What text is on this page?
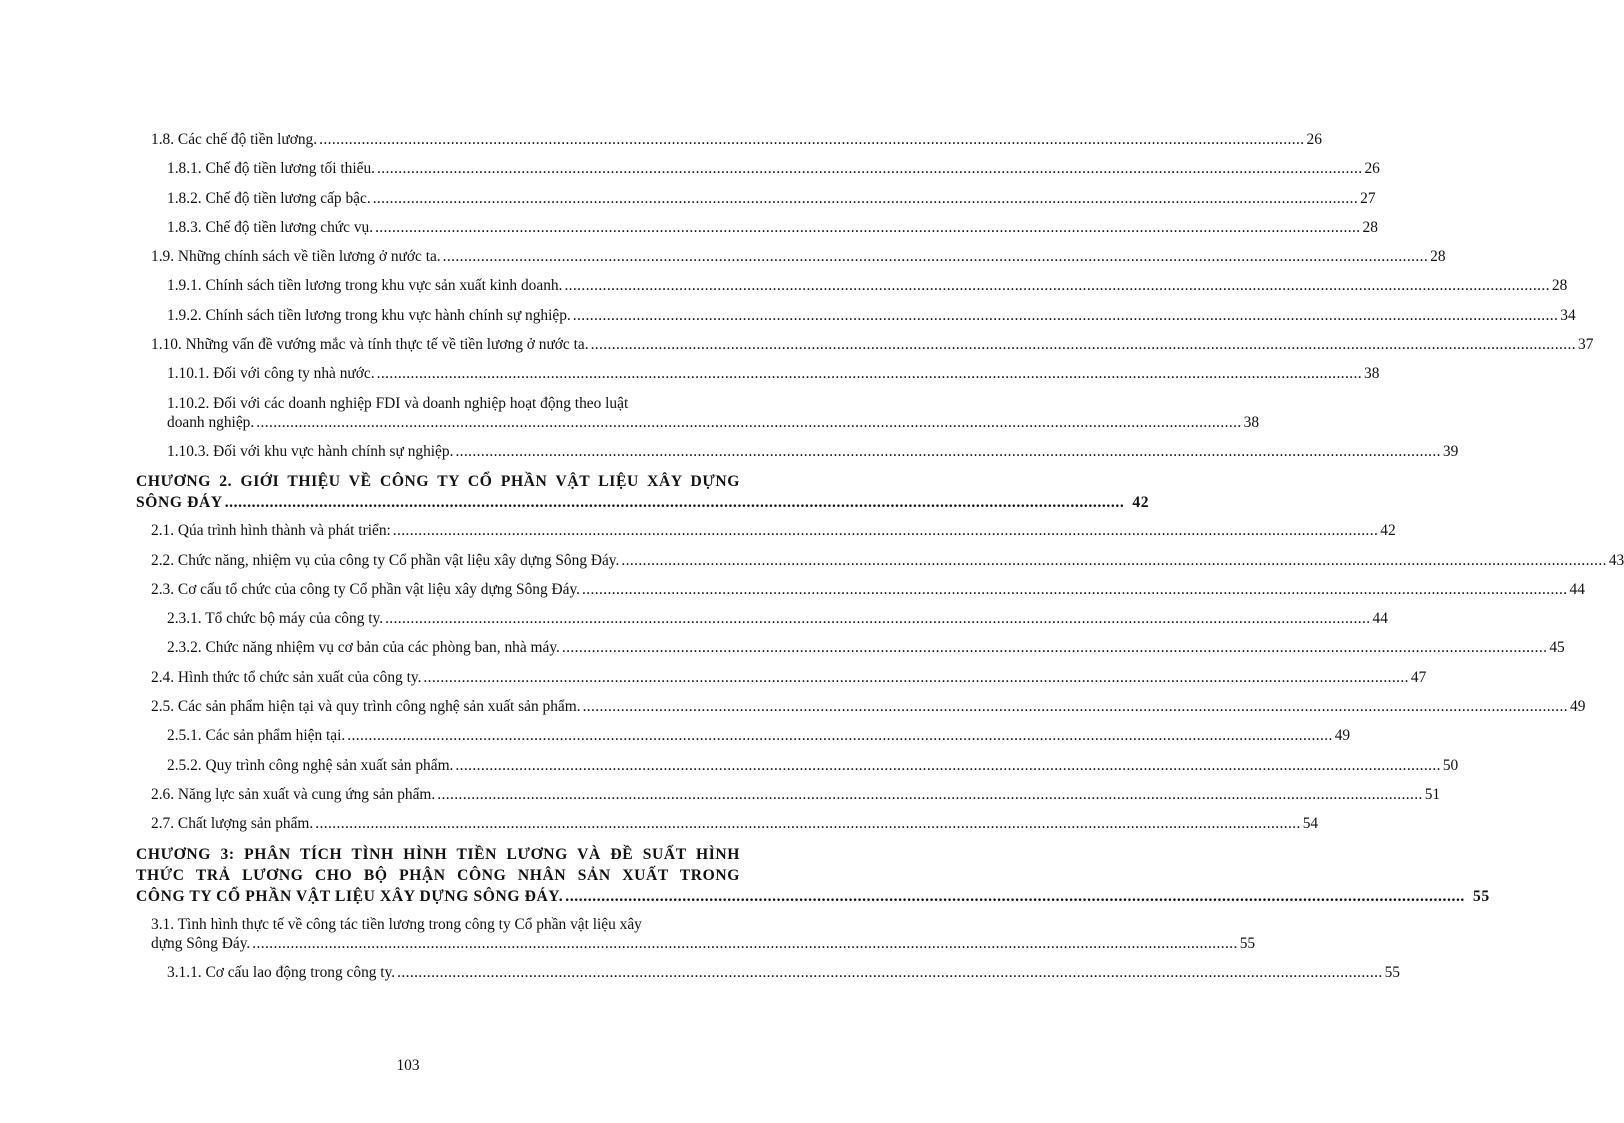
1.8. Các chế độ tiền lương. .....	26
1.8.1. Chế độ tiền lương tối thiểu. .....	26
1.8.2. Chế độ tiền lương cấp bậc. .....	27
1.8.3. Chế độ tiền lương chức vụ. .....	28
1.9. Những chính sách về tiền lương ở nước ta. .....	28
1.9.1. Chính sách tiền lương trong khu vực sản xuất kinh doanh. .....	28
1.9.2. Chính sách tiền lương trong khu vực hành chính sự nghiệp. .....	34
1.10. Những vấn đề vướng mắc và tính thực tế về tiền lương ở nước ta. .....	37
1.10.1. Đối với công ty nhà nước. .....	38
1.10.2. Đối với các doanh nghiệp FDI và doanh nghiệp hoạt động theo luật
doanh nghiệp. .....	38
1.10.3. Đối với khu vực hành chính sự nghiệp. .....	39
CHƯƠNG 2. GIỚI THIỆU VỀ CÔNG TY CỔ PHẦN VẬT LIỆU XÂY DỰNG
SÔNG ĐÁY ........................................................................................................................................................................................................ 42
2.1. Qúa trình hình thành và phát triển: .....	42
2.2. Chức năng, nhiệm vụ của công ty Cổ phần vật liệu xây dựng Sông Đáy. .....	43
2.3. Cơ cấu tổ chức của công ty Cổ phần vật liệu xây dựng Sông Đáy. .....	44
2.3.1. Tổ chức bộ máy của công ty. .....	44
2.3.2. Chức năng nhiệm vụ cơ bản của các phòng ban, nhà máy. .....	45
2.4. Hình thức tổ chức sản xuất của công ty. .....	47
2.5. Các sản phẩm hiện tại và quy trình công nghệ sản xuất sản phẩm. .....	49
2.5.1. Các sản phẩm hiện tại. .....	49
2.5.2. Quy trình công nghệ sản xuất sản phẩm. .....	50
2.6. Năng lực sản xuất và cung ứng sản phẩm. .....	51
2.7. Chất lượng sản phẩm. .....	54
CHƯƠNG 3: PHÂN TÍCH TÌNH HÌNH TIỀN LƯƠNG VÀ ĐỀ SUẤT HÌNH
THỨC TRẢ LƯƠNG CHO BỘ PHẬN CÔNG NHÂN SẢN XUẤT TRONG
CÔNG TY CỔ PHẦN VẬT LIỆU XÂY DỰNG SÔNG ĐÁY. ........................................................................................................................................................................................................ 55
3.1. Tình hình thực tế về công tác tiền lương trong công ty Cổ phần vật liệu xây
dựng Sông Đáy. .....	55
3.1.1. Cơ cấu lao động trong công ty. .....	55
103
